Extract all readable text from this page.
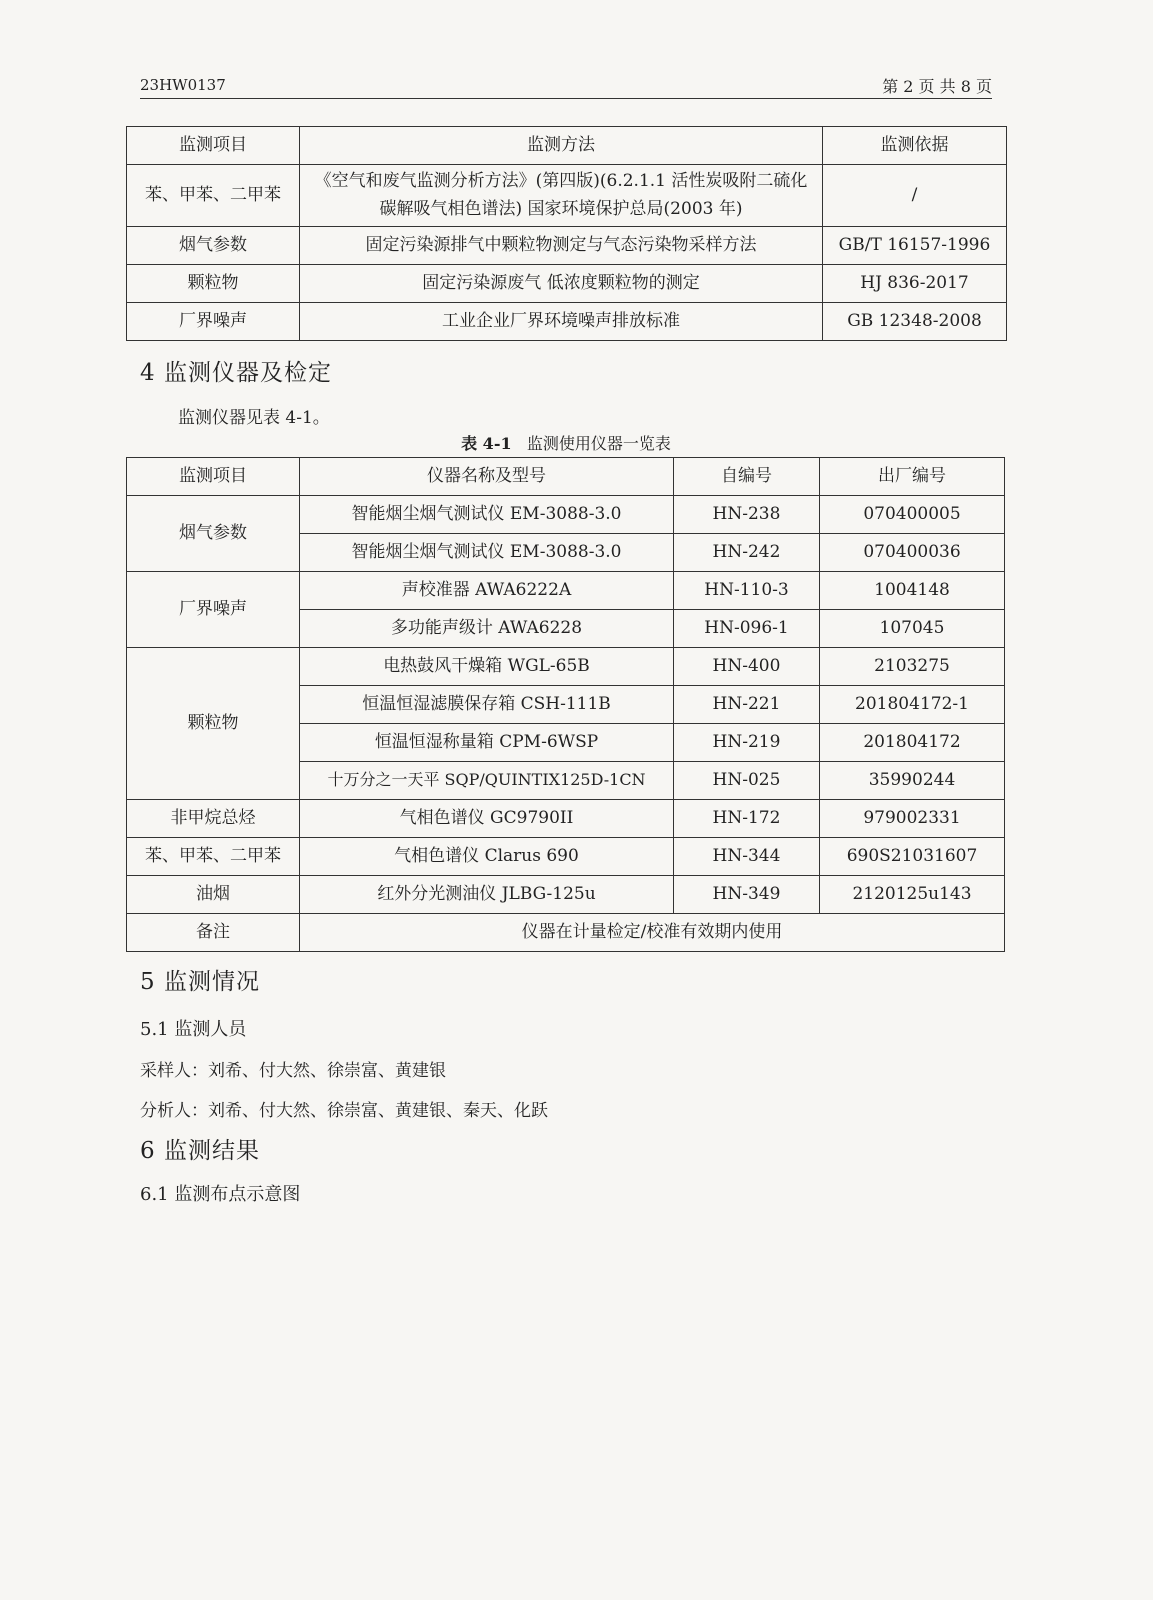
23HW0137	第 2 页 共 8 页
监测项目	监测方法	监测依据
苯、甲苯、二甲苯	《空气和废气监测分析方法》(第四版)(6.2.1.1 活性炭吸附二硫化碳解吸气相色谱法) 国家环境保护总局(2003 年)	/
烟气参数	固定污染源排气中颗粒物测定与气态污染物采样方法	GB/T 16157-1996
颗粒物	固定污染源废气 低浓度颗粒物的测定	HJ 836-2017
厂界噪声	工业企业厂界环境噪声排放标准	GB 12348-2008
4 监测仪器及检定
监测仪器见表 4-1。
表 4-1 监测使用仪器一览表
监测项目	仪器名称及型号	自编号	出厂编号
烟气参数	智能烟尘烟气测试仪 EM-3088-3.0	HN-238	070400005
	智能烟尘烟气测试仪 EM-3088-3.0	HN-242	070400036
厂界噪声	声校准器 AWA6222A	HN-110-3	1004148
	多功能声级计 AWA6228	HN-096-1	107045
颗粒物	电热鼓风干燥箱 WGL-65B	HN-400	2103275
	恒温恒湿滤膜保存箱 CSH-111B	HN-221	201804172-1
	恒温恒湿称量箱 CPM-6WSP	HN-219	201804172
	十万分之一天平 SQP/QUINTIX125D-1CN	HN-025	35990244
非甲烷总烃	气相色谱仪 GC9790II	HN-172	979002331
苯、甲苯、二甲苯	气相色谱仪 Clarus 690	HN-344	690S21031607
油烟	红外分光测油仪 JLBG-125u	HN-349	2120125u143
备注	仪器在计量检定/校准有效期内使用		
5 监测情况
5.1 监测人员
采样人：刘希、付大然、徐崇富、黄建银
分析人：刘希、付大然、徐崇富、黄建银、秦天、化跃
6 监测结果
6.1 监测布点示意图
